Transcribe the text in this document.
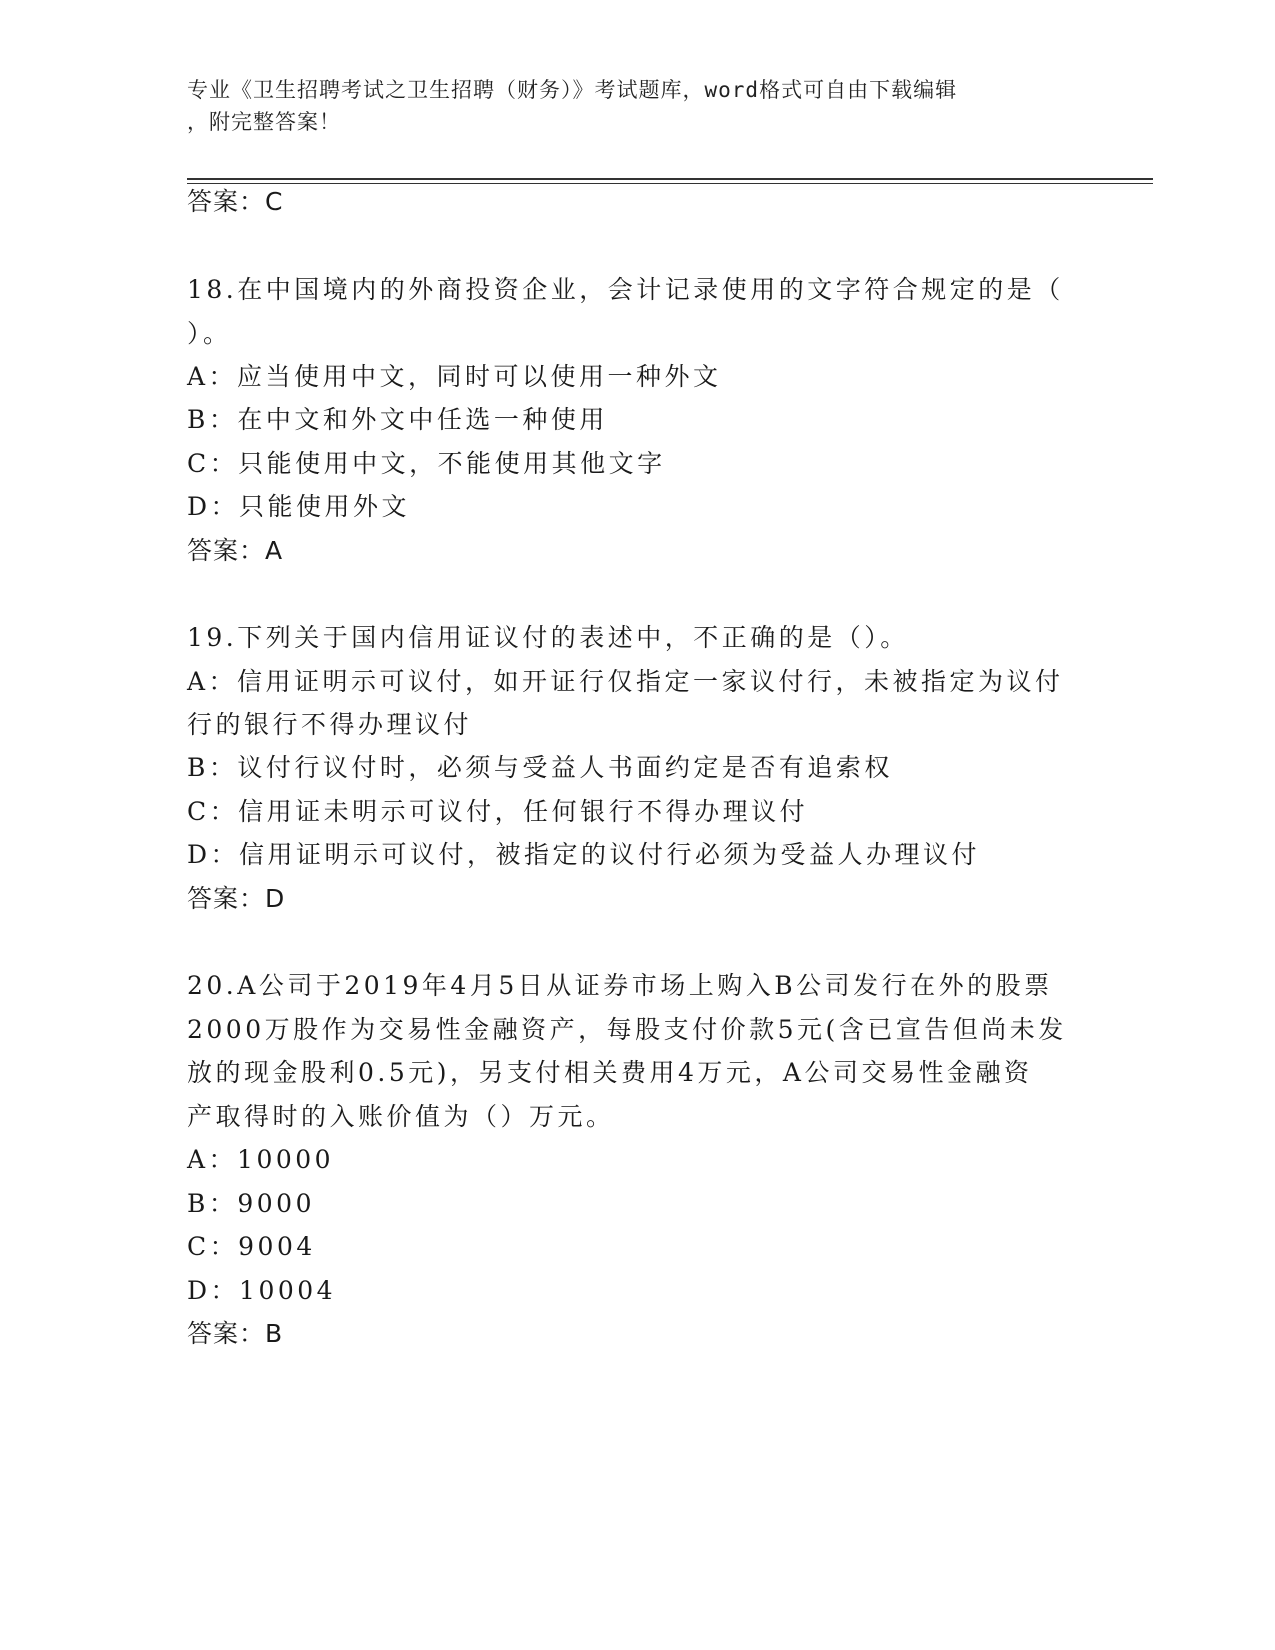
专业《卫生招聘考试之卫生招聘（财务）》考试题库，word格式可自由下载编辑
，附完整答案！
答案：C
18.在中国境内的外商投资企业，会计记录使用的文字符合规定的是（
）。
A：应当使用中文，同时可以使用一种外文
B：在中文和外文中任选一种使用
C：只能使用中文，不能使用其他文字
D：只能使用外文
答案：A
19.下列关于国内信用证议付的表述中，不正确的是（）。
A：信用证明示可议付，如开证行仅指定一家议付行，未被指定为议付
行的银行不得办理议付
B：议付行议付时，必须与受益人书面约定是否有追索权
C：信用证未明示可议付，任何银行不得办理议付
D：信用证明示可议付，被指定的议付行必须为受益人办理议付
答案：D
20.A公司于2019年4月5日从证券市场上购入B公司发行在外的股票
2000万股作为交易性金融资产，每股支付价款5元(含已宣告但尚未发
放的现金股利0.5元)，另支付相关费用4万元，A公司交易性金融资
产取得时的入账价值为（）万元。
A：10000
B：9000
C：9004
D：10004
答案：B
